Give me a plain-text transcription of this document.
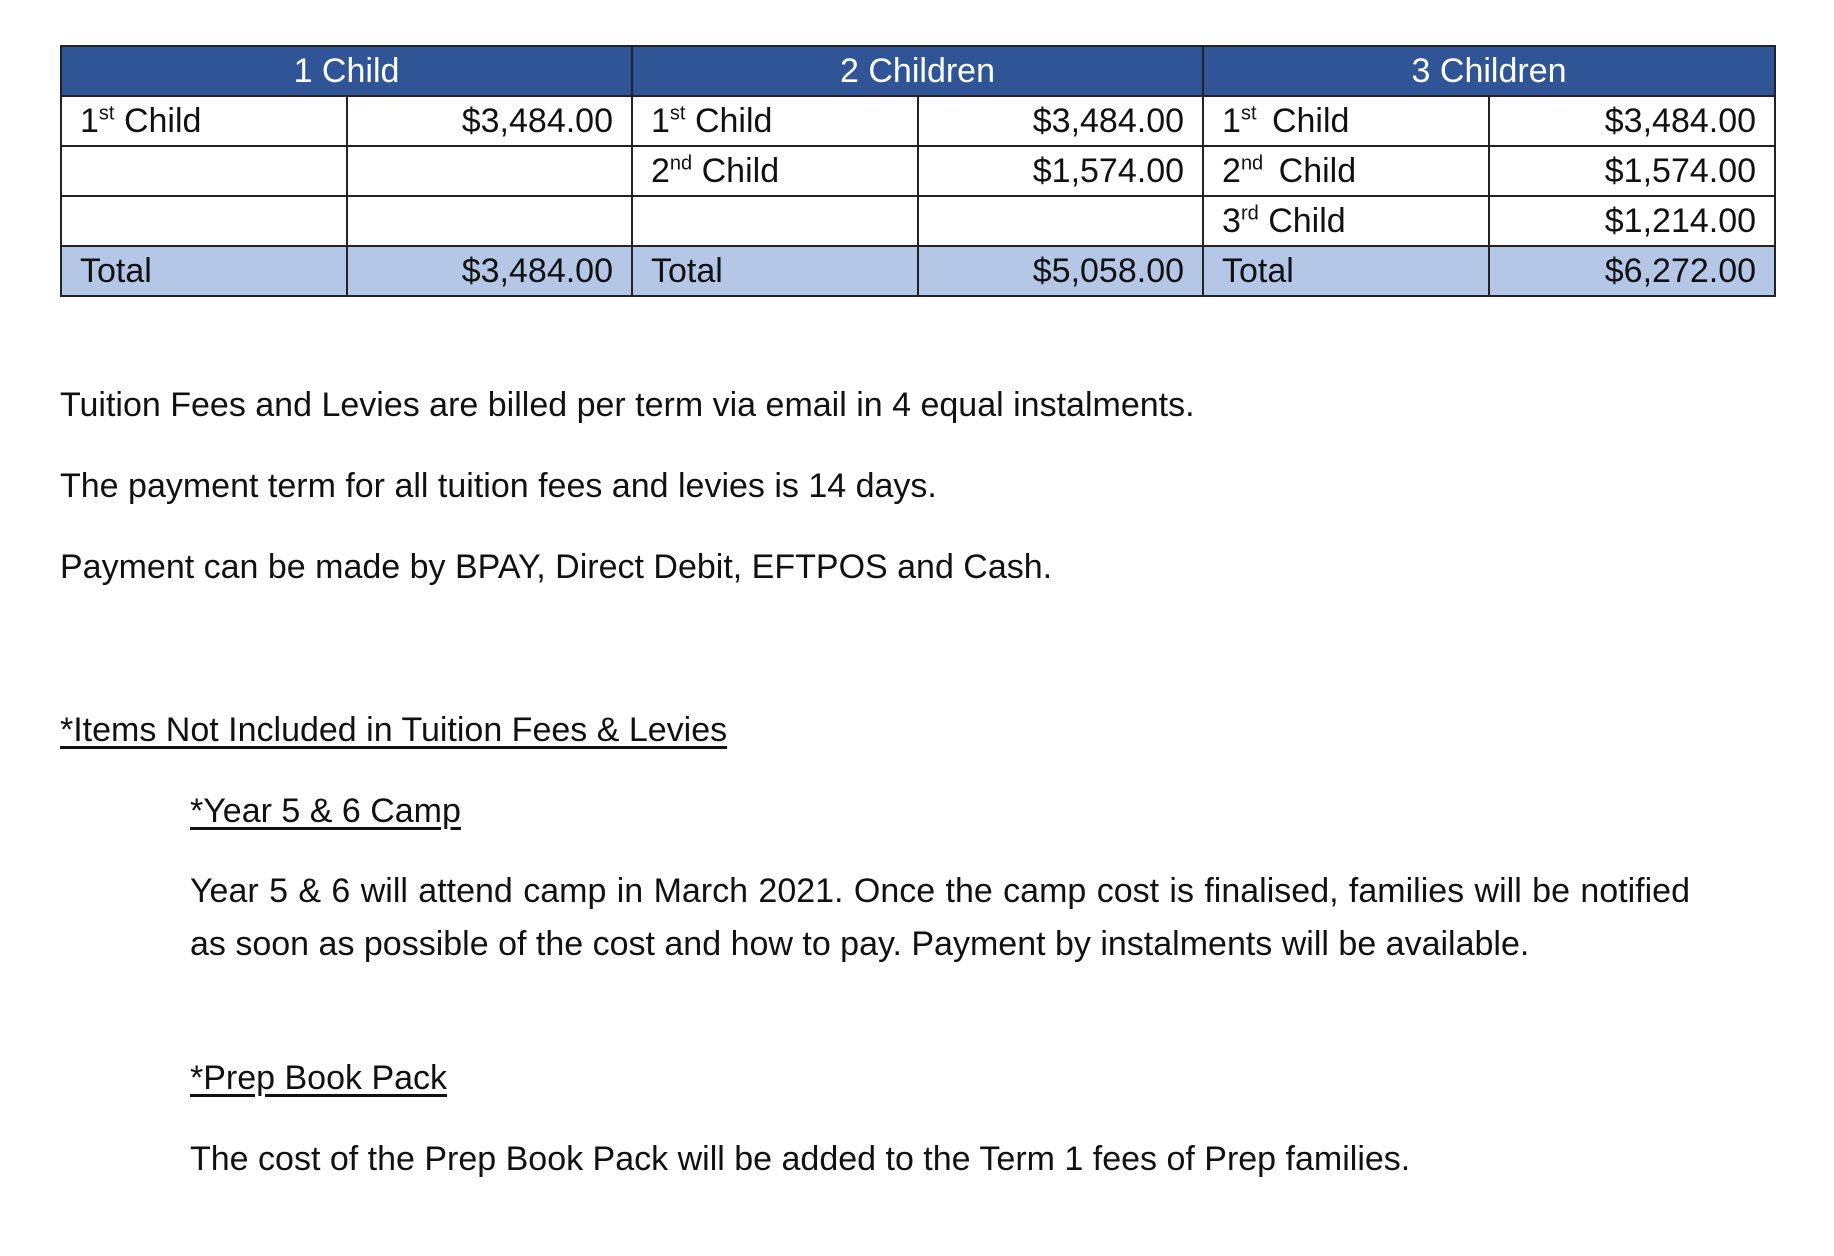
1 Child		2 Children		3 Children	
1st Child	$3,484.00	1st Child	$3,484.00	1st Child	$3,484.00
		2nd Child	$1,574.00	2nd Child	$1,574.00
				3rd Child	$1,214.00
Total	$3,484.00	Total	$5,058.00	Total	$6,272.00

Tuition Fees and Levies are billed per term via email in 4 equal instalments.

The payment term for all tuition fees and levies is 14 days.

Payment can be made by BPAY, Direct Debit, EFTPOS and Cash.

*Items Not Included in Tuition Fees & Levies
*Year 5 & 6 Camp
Year 5 & 6 will attend camp in March 2021. Once the camp cost is finalised, families will be notified as soon as possible of the cost and how to pay. Payment by instalments will be available.
*Prep Book Pack
The cost of the Prep Book Pack will be added to the Term 1 fees of Prep families.
